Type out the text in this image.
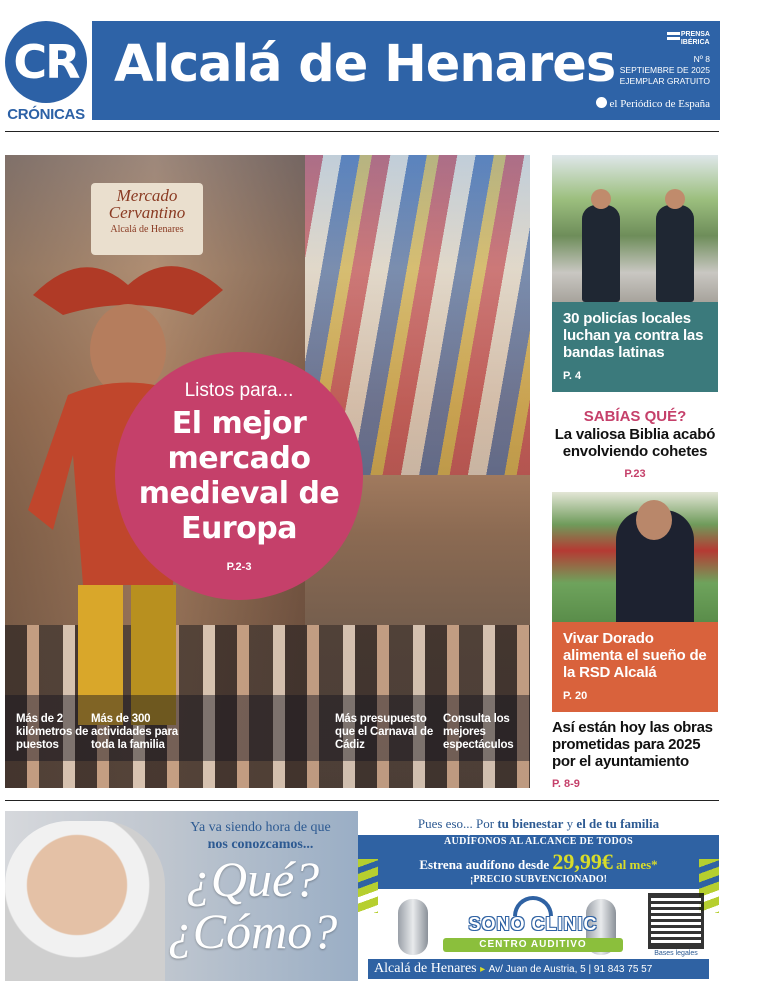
CR
CRÓNICAS
Alcalá de Henares
PRENSA
IBÉRICA
Nº 8
SEPTIEMBRE DE 2025
EJEMPLAR GRATUITO
el Periódico de España
Mercado
Cervantino
Alcalá de Henares
Más de 2 kilómetros de puestos
Más de 300 actividades para toda la familia
Más presupuesto que el Carnaval de Cádiz
Consulta los mejores espectáculos
Listos para...
El mejor mercado medieval de Europa
P.2-3
30 policías locales luchan ya contra las bandas latinas
P. 4
SABÍAS QUÉ?
La valiosa Biblia acabó envolviendo cohetes
P.23
Vivar Dorado alimenta el sueño de la RSD Alcalá
P. 20
Así están hoy las obras prometidas para 2025 por el ayuntamiento
P. 8-9
Ya va siendo hora de que
nos conozcamos...
¿Qué?
¿Cómo?
Pues eso... Por tu bienestar y el de tu familia
AUDÍFONOS AL ALCANCE DE TODOS
Estrena audífono desde 29,99€ al mes*
¡PRECIO SUBVENCIONADO!
SONO CLINIC
CENTRO AUDITIVO
Bases legales
Alcalá de Henares ▸ Av/ Juan de Austria, 5 | 91 843 75 57
